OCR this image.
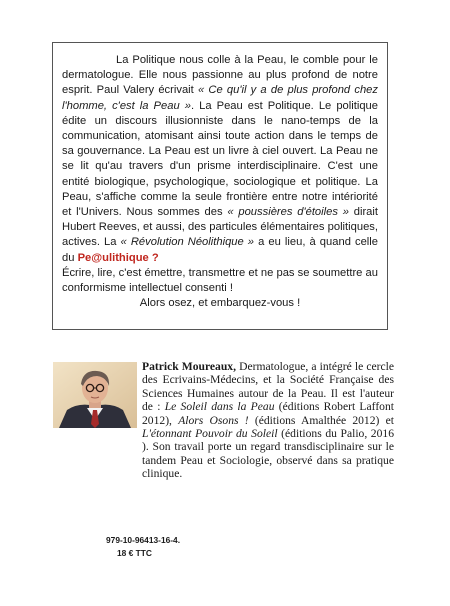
La Politique nous colle à la Peau, le comble pour le dermatologue. Elle nous passionne au plus profond de notre esprit. Paul Valery écrivait « Ce qu'il y a de plus profond chez l'homme, c'est la Peau ». La Peau est Politique. Le politique édite un discours illusionniste dans le nano-temps de la communication, atomisant ainsi toute action dans le temps de sa gouvernance. La Peau est un livre à ciel ouvert. La Peau ne se lit qu'au travers d'un prisme interdisciplinaire. C'est une entité biologique, psychologique, sociologique et politique. La Peau, s'affiche comme la seule frontière entre notre intériorité et l'Univers. Nous sommes des « poussières d'étoiles » dirait Hubert Reeves, et aussi, des particules élémentaires politiques, actives. La « Révolution Néolithique » a eu lieu, à quand celle du Pe@ulithique ?

Écrire, lire, c'est émettre, transmettre et ne pas se soumettre au conformisme intellectuel consenti !

Alors osez, et embarquez-vous !

Patrick Moureaux, Dermatologue, a intégré le cercle des Ecrivains-Médecins, et la Société Française des Sciences Humaines autour de la Peau. Il est l'auteur de : Le Soleil dans la Peau (éditions Robert Laffont 2012), Alors Osons ! (éditions Amalthée 2012) et L'étonnant Pouvoir du Soleil (éditions du Palio, 2016 ). Son travail porte un regard transdisciplinaire sur le tandem Peau et Sociologie, observé dans sa pratique clinique.

979-10-96413-16-4.
18 € TTC
